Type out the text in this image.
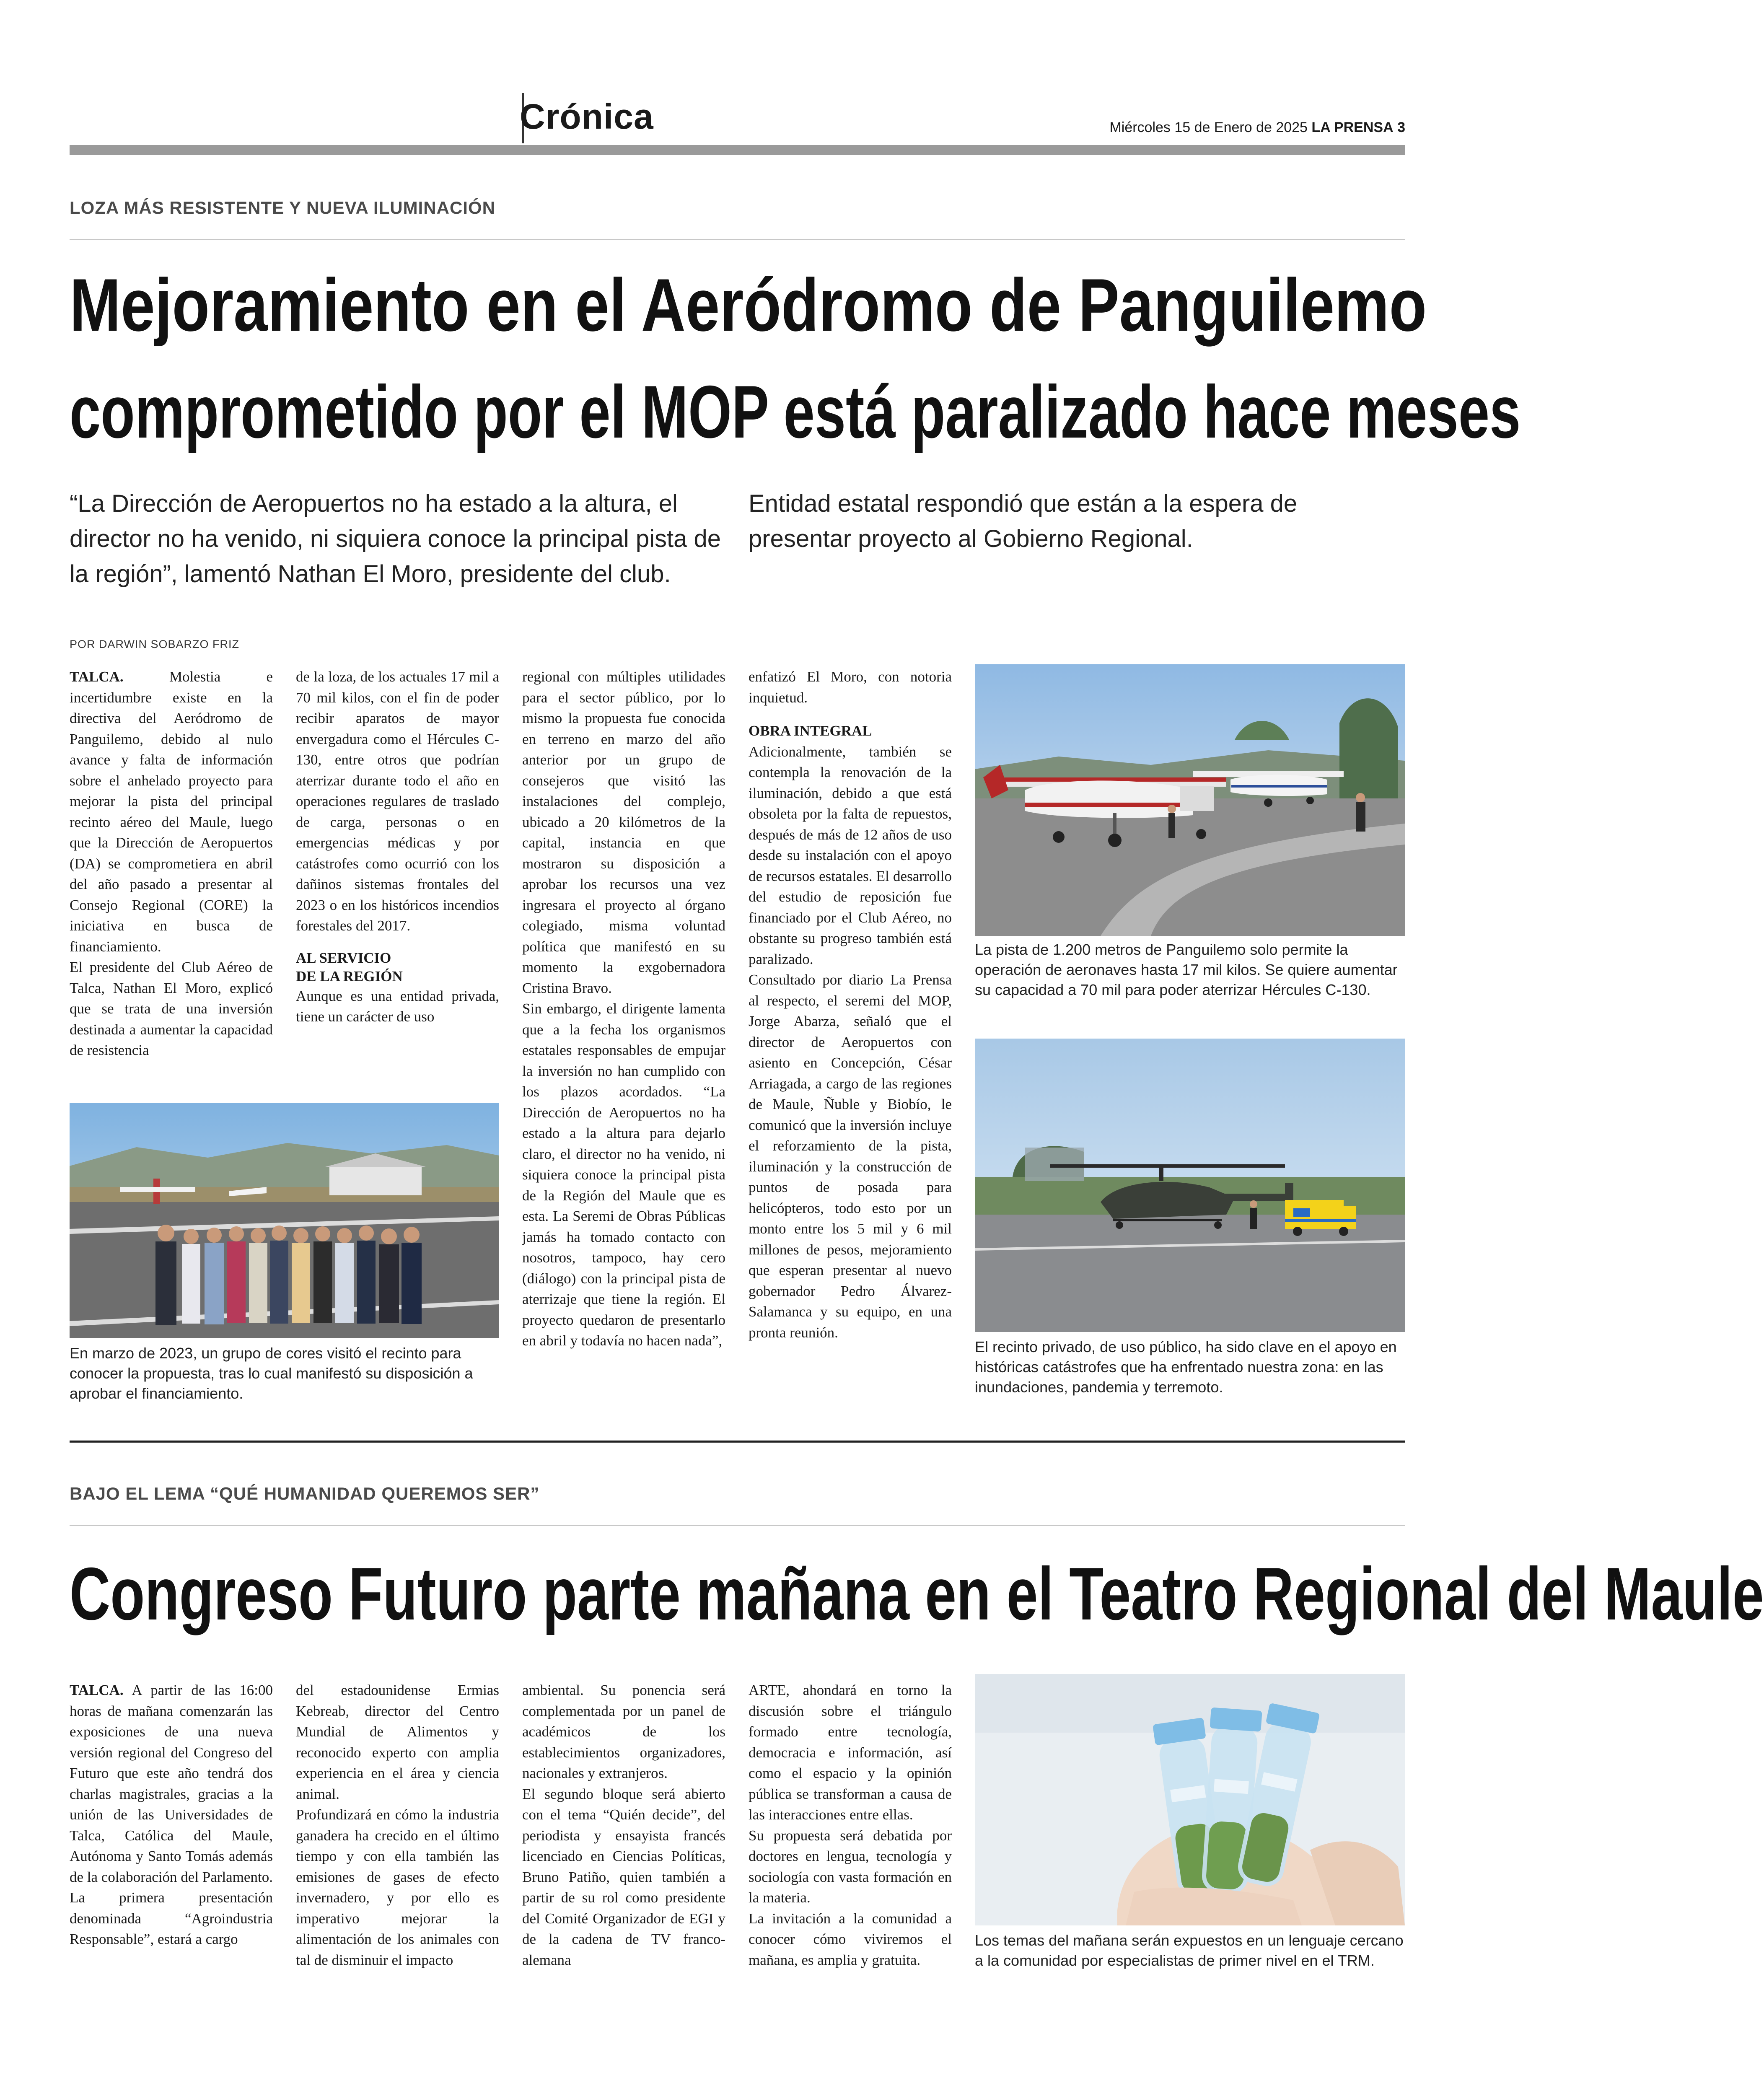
Crónica	Miércoles 15 de Enero de 2025 LA PRENSA 3
LOZA MÁS RESISTENTE Y NUEVA ILUMINACIÓN
Mejoramiento en el Aeródromo de Panguilemo
comprometido por el MOP está paralizado hace meses
“La Dirección de Aeropuertos no ha estado a la altura, el director no ha venido, ni siquiera conoce la principal pista de la región”, lamentó Nathan El Moro, presidente del club.
Entidad estatal respondió que están a la espera de presentar proyecto al Gobierno Regional.
POR DARWIN SOBARZO FRIZ

TALCA.	Molestia e incertidumbre existe en la directiva del Aeródromo de Panguilemo, debido al nulo avance y falta de información sobre el anhelado proyecto para mejorar la pista del principal recinto aéreo del Maule, luego que la Dirección de Aeropuertos (DA) se comprometiera en abril del año pasado a presentar al Consejo Regional (CORE) la iniciativa en busca de financiamiento.

El presidente del Club Aéreo de Talca, Nathan El Moro, explicó que se trata de una inversión destinada a aumentar la capacidad de resistencia

de la loza, de los actuales 17 mil a 70 mil kilos, con el fin de poder recibir aparatos de mayor envergadura como el Hércules C-130, entre otros que podrían aterrizar durante todo el año en operaciones regulares de traslado de carga, personas o en emergencias médicas y por catástrofes como ocurrió con los dañinos sistemas frontales del 2023 o en los históricos incendios forestales del 2017.

AL SERVICIO
DE LA REGIÓN

Aunque es una entidad privada, tiene un carácter de uso

regional con múltiples utilidades para el sector público, por lo mismo la propuesta fue conocida en terreno en marzo del año anterior por un grupo de consejeros que visitó las instalaciones del complejo, ubicado a 20 kilómetros de la capital, instancia en que mostraron su disposición a aprobar los recursos una vez ingresara el proyecto al órgano colegiado, misma voluntad política que manifestó en su momento la exgobernadora Cristina Bravo.

Sin embargo, el dirigente lamenta que a la fecha los organismos estatales responsables de empujar la inversión no han cumplido con los plazos acordados. “La Dirección de Aeropuertos no ha estado a la altura para dejarlo claro, el director no ha venido, ni siquiera conoce la principal pista de la Región del Maule que es esta. La Seremi de Obras Públicas jamás ha tomado contacto con nosotros, tampoco, hay cero (diálogo) con la principal pista de aterrizaje que tiene la región. El proyecto quedaron de presentarlo en abril y todavía no hacen nada”,

enfatizó El Moro, con notoria inquietud.

OBRA INTEGRAL

Adicionalmente, también se contempla la renovación de la iluminación, debido a que está obsoleta por la falta de repuestos, después de más de 12 años de uso desde su instalación con el apoyo de recursos estatales. El desarrollo del estudio de reposición fue financiado por el Club Aéreo, no obstante su progreso también está paralizado.

Consultado por diario La Prensa al respecto, el seremi del MOP, Jorge Abarza, señaló que el director de Aeropuertos con asiento en Concepción, César Arriagada, a cargo de las regiones de Maule, Ñuble y Biobío, le comunicó que la inversión incluye el reforzamiento de la pista, iluminación y la construcción de puntos de posada para helicópteros, todo esto por un monto entre los 5 mil y 6 mil millones de pesos, mejoramiento que esperan presentar al nuevo gobernador Pedro Álvarez-Salamanca y su equipo, en una pronta reunión.

En marzo de 2023, un grupo de cores visitó el recinto para conocer la propuesta, tras lo cual manifestó su disposición a aprobar el financiamiento.
La pista de 1.200 metros de Panguilemo solo permite la operación de aeronaves hasta 17 mil kilos. Se quiere aumentar su capacidad a 70 mil para poder aterrizar Hércules C-130.
El recinto privado, de uso público, ha sido clave en el apoyo en históricas catástrofes que ha enfrentado nuestra zona: en las inundaciones, pandemia y terremoto.
BAJO EL LEMA “QUÉ HUMANIDAD QUEREMOS SER”
Congreso Futuro parte mañana en el Teatro Regional del Maule

TALCA. A partir de las 16:00 horas de mañana comenzarán las exposiciones de una nueva versión regional del Congreso del Futuro que este año tendrá dos charlas magistrales, gracias a la unión de las Universidades de Talca, Católica del Maule, Autónoma y Santo Tomás además de la colaboración del Parlamento.

La primera presentación denominada “Agroindustria Responsable”, estará a cargo

del estadounidense Ermias Kebreab, director del Centro Mundial de Alimentos y reconocido experto con amplia experiencia en el área y ciencia animal.

Profundizará en cómo la industria ganadera ha crecido en el último tiempo y con ella también las emisiones de gases de efecto invernadero, y por ello es imperativo mejorar la alimentación de los animales con tal de disminuir el impacto

ambiental. Su ponencia será complementada por un panel de académicos de los establecimientos organizadores, nacionales y extranjeros.

El segundo bloque será abierto con el tema “Quién decide”, del periodista y ensayista francés licenciado en Ciencias Políticas, Bruno Patiño, quien también a partir de su rol como presidente del Comité Organizador de EGI y de la cadena de TV franco- alemana

ARTE, ahondará en torno la discusión sobre el triángulo formado entre tecnología, democracia e información, así como el espacio y la opinión pública se transforman a causa de las interacciones entre ellas.

Su propuesta será debatida por doctores en lengua, tecnología y sociología con vasta formación en la materia.

La invitación a la comunidad a conocer cómo viviremos el mañana, es amplia y gratuita.

Los temas del mañana serán expuestos en un lenguaje cercano a la comunidad por especialistas de primer nivel en el TRM.
